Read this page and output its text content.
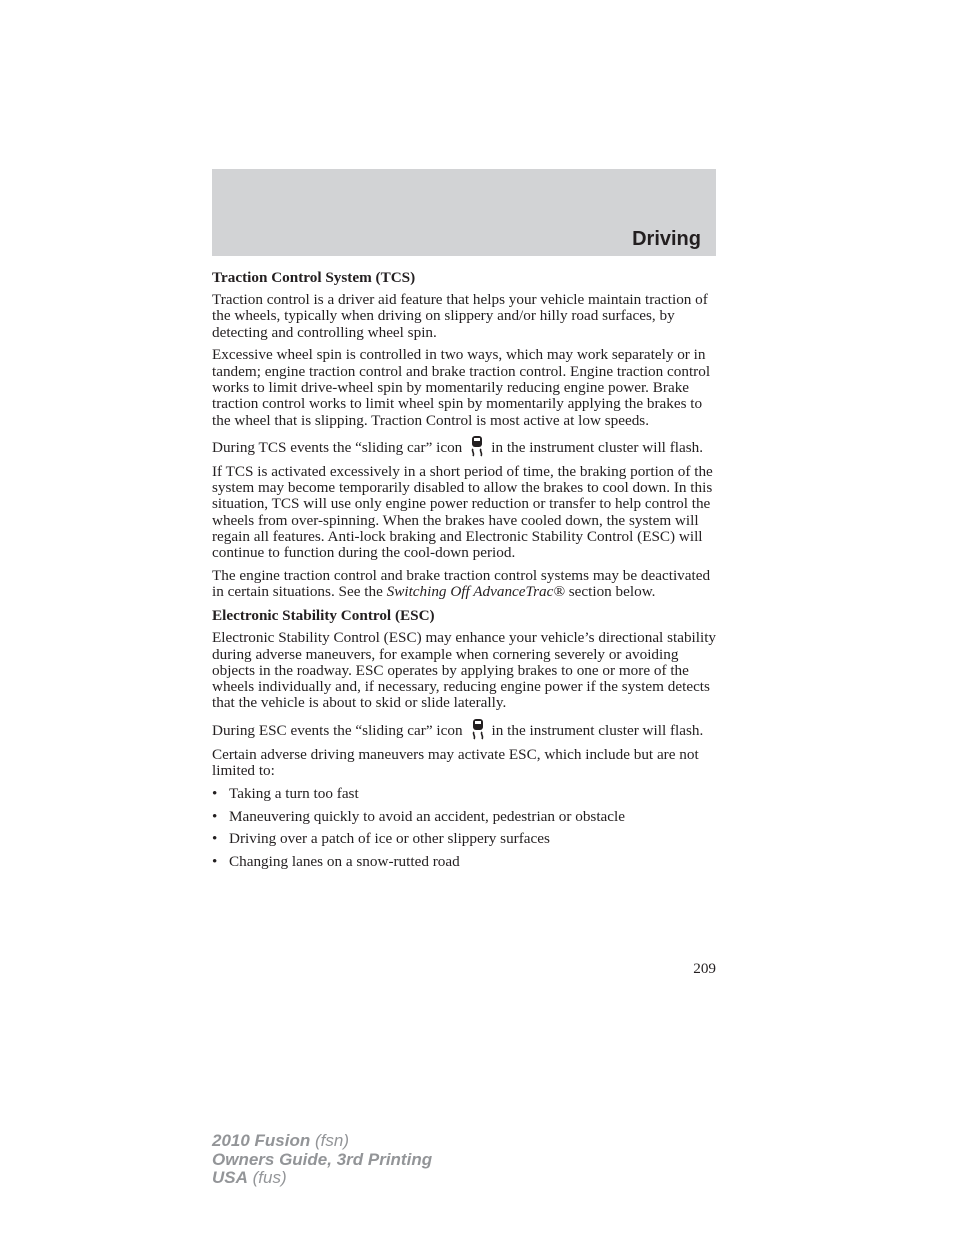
Driving
Traction Control System (TCS)

Traction control is a driver aid feature that helps your vehicle maintain traction of the wheels, typically when driving on slippery and/or hilly road surfaces, by detecting and controlling wheel spin.

Excessive wheel spin is controlled in two ways, which may work separately or in tandem; engine traction control and brake traction control. Engine traction control works to limit drive-wheel spin by momentarily reducing engine power. Brake traction control works to limit wheel spin by momentarily applying the brakes to the wheel that is slipping. Traction Control is most active at low speeds.

During TCS events the “sliding car” icon in the instrument cluster will flash.

If TCS is activated excessively in a short period of time, the braking portion of the system may become temporarily disabled to allow the brakes to cool down. In this situation, TCS will use only engine power reduction or transfer to help control the wheels from over-spinning. When the brakes have cooled down, the system will regain all features. Anti-lock braking and Electronic Stability Control (ESC) will continue to function during the cool-down period.

The engine traction control and brake traction control systems may be deactivated in certain situations. See the Switching Off AdvanceTrac® section below.

Electronic Stability Control (ESC)

Electronic Stability Control (ESC) may enhance your vehicle’s directional stability during adverse maneuvers, for example when cornering severely or avoiding objects in the roadway. ESC operates by applying brakes to one or more of the wheels individually and, if necessary, reducing engine power if the system detects that the vehicle is about to skid or slide laterally.

During ESC events the “sliding car” icon in the instrument cluster will flash.

Certain adverse driving maneuvers may activate ESC, which include but are not limited to:

• Taking a turn too fast
• Maneuvering quickly to avoid an accident, pedestrian or obstacle
• Driving over a patch of ice or other slippery surfaces
• Changing lanes on a snow-rutted road
209
2010 Fusion (fsn)
Owners Guide, 3rd Printing
USA (fus)
